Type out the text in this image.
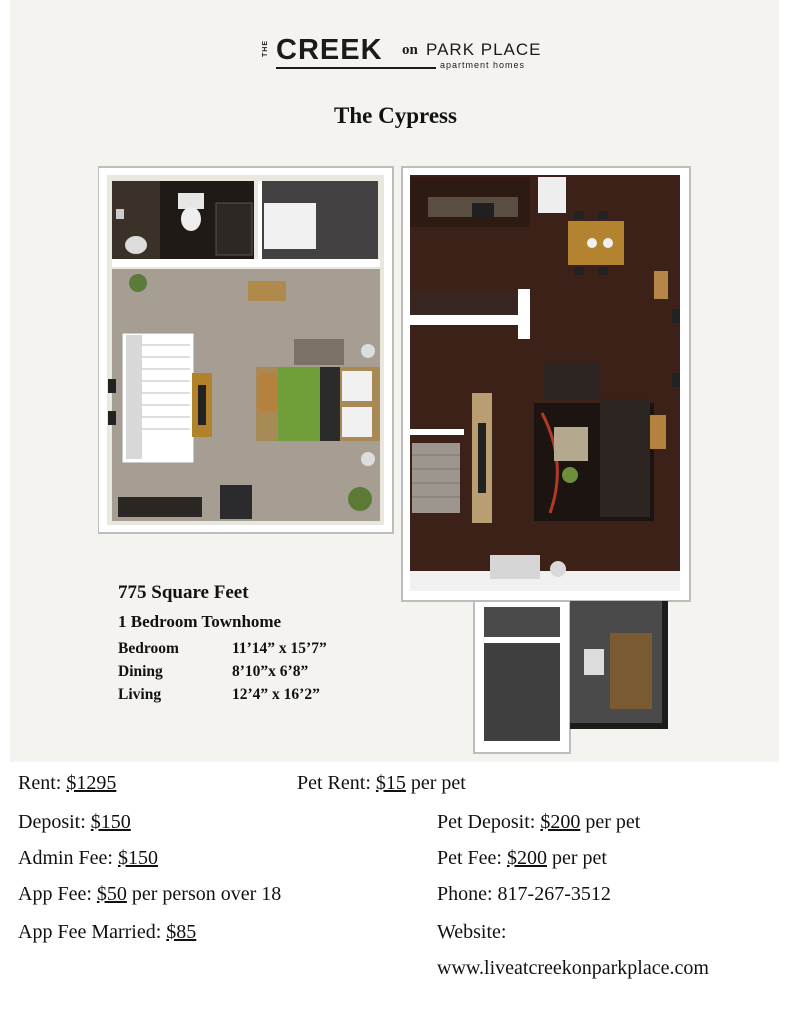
THE CREEK on PARK PLACE
apartment homes
The Cypress
775 Square Feet
1 Bedroom Townhome
Bedroom	11’14” x 15’7”
Dining	8’10”x 6’8”
Living	12’4” x 16’2”
Rent: $1295
Deposit: $150
Admin Fee: $150
App Fee: $50 per person over 18
App Fee Married: $85
Pet Rent: $15 per pet
Pet Deposit: $200 per pet
Pet Fee: $200 per pet
Phone: 817-267-3512
Website:
www.liveatcreekonparkplace.com
